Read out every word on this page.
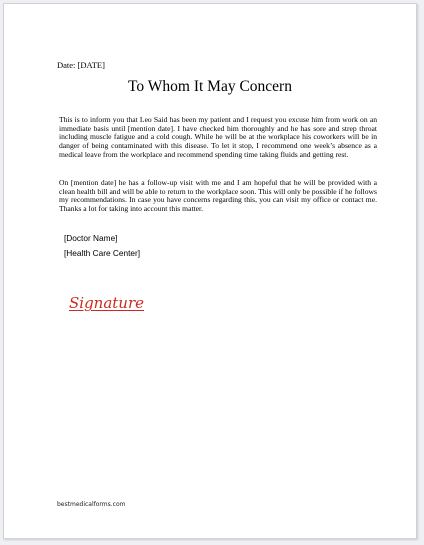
Date: [DATE]
To Whom It May Concern

This is to inform you that Leo Said has been my patient and I request you excuse him from work on an immediate basis until [mention date]. I have checked him thoroughly and he has sore and strep throat including muscle fatigue and a cold cough. While he will be at the workplace his coworkers will be in danger of being contaminated with this disease. To let it stop, I recommend one week’s absence as a medical leave from the workplace and recommend spending time taking fluids and getting rest.

On [mention date] he has a follow-up visit with me and I am hopeful that he will be provided with a clean health bill and will be able to return to the workplace soon. This will only be possible if he follows my recommendations. In case you have concerns regarding this, you can visit my office or contact me. Thanks a lot for taking into account this matter.

[Doctor Name]
[Health Care Center]
Signature
bestmedicalforms.com
